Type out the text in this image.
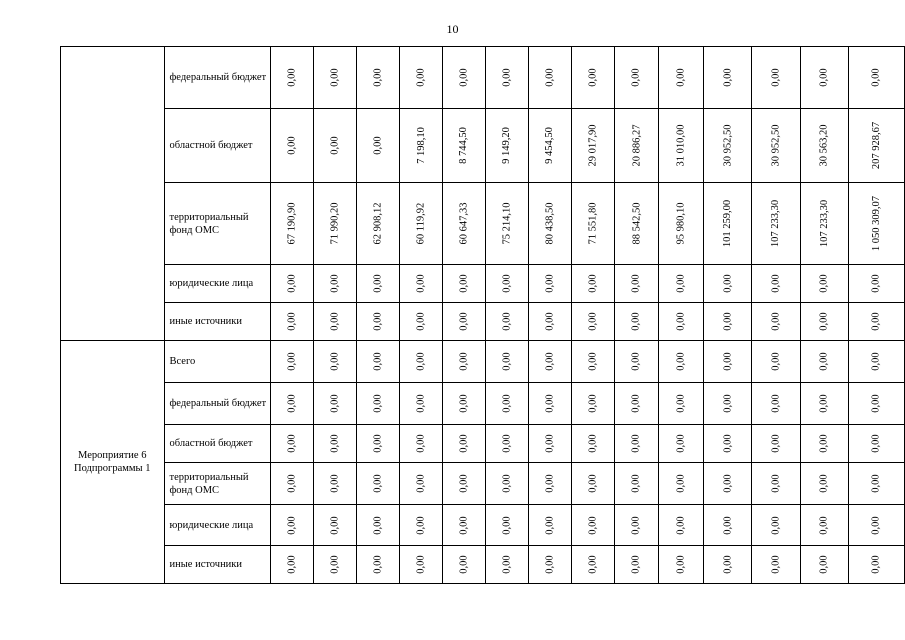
10
	федеральный бюджет	0,00	0,00	0,00	0,00	0,00	0,00	0,00	0,00	0,00	0,00	0,00	0,00	0,00	0,00
	областной бюджет	0,00	0,00	0,00	7 198,10	8 744,50	9 149,20	9 454,50	29 017,90	20 886,27	31 010,00	30 952,50	30 952,50	30 563,20	207 928,67
	территориальный фонд ОМС	67 190,90	71 990,20	62 908,12	60 119,92	60 647,33	75 214,10	80 438,50	71 551,80	88 542,50	95 980,10	101 259,00	107 233,30	107 233,30	1 050 309,07
	юридические лица	0,00	0,00	0,00	0,00	0,00	0,00	0,00	0,00	0,00	0,00	0,00	0,00	0,00	0,00
	иные источники	0,00	0,00	0,00	0,00	0,00	0,00	0,00	0,00	0,00	0,00	0,00	0,00	0,00	0,00
Мероприятие 6 Подпрограммы 1	Всего	0,00	0,00	0,00	0,00	0,00	0,00	0,00	0,00	0,00	0,00	0,00	0,00	0,00	0,00
	федеральный бюджет	0,00	0,00	0,00	0,00	0,00	0,00	0,00	0,00	0,00	0,00	0,00	0,00	0,00	0,00
	областной бюджет	0,00	0,00	0,00	0,00	0,00	0,00	0,00	0,00	0,00	0,00	0,00	0,00	0,00	0,00
	территориальный фонд ОМС	0,00	0,00	0,00	0,00	0,00	0,00	0,00	0,00	0,00	0,00	0,00	0,00	0,00	0,00
	юридические лица	0,00	0,00	0,00	0,00	0,00	0,00	0,00	0,00	0,00	0,00	0,00	0,00	0,00	0,00
	иные источники	0,00	0,00	0,00	0,00	0,00	0,00	0,00	0,00	0,00	0,00	0,00	0,00	0,00	0,00
